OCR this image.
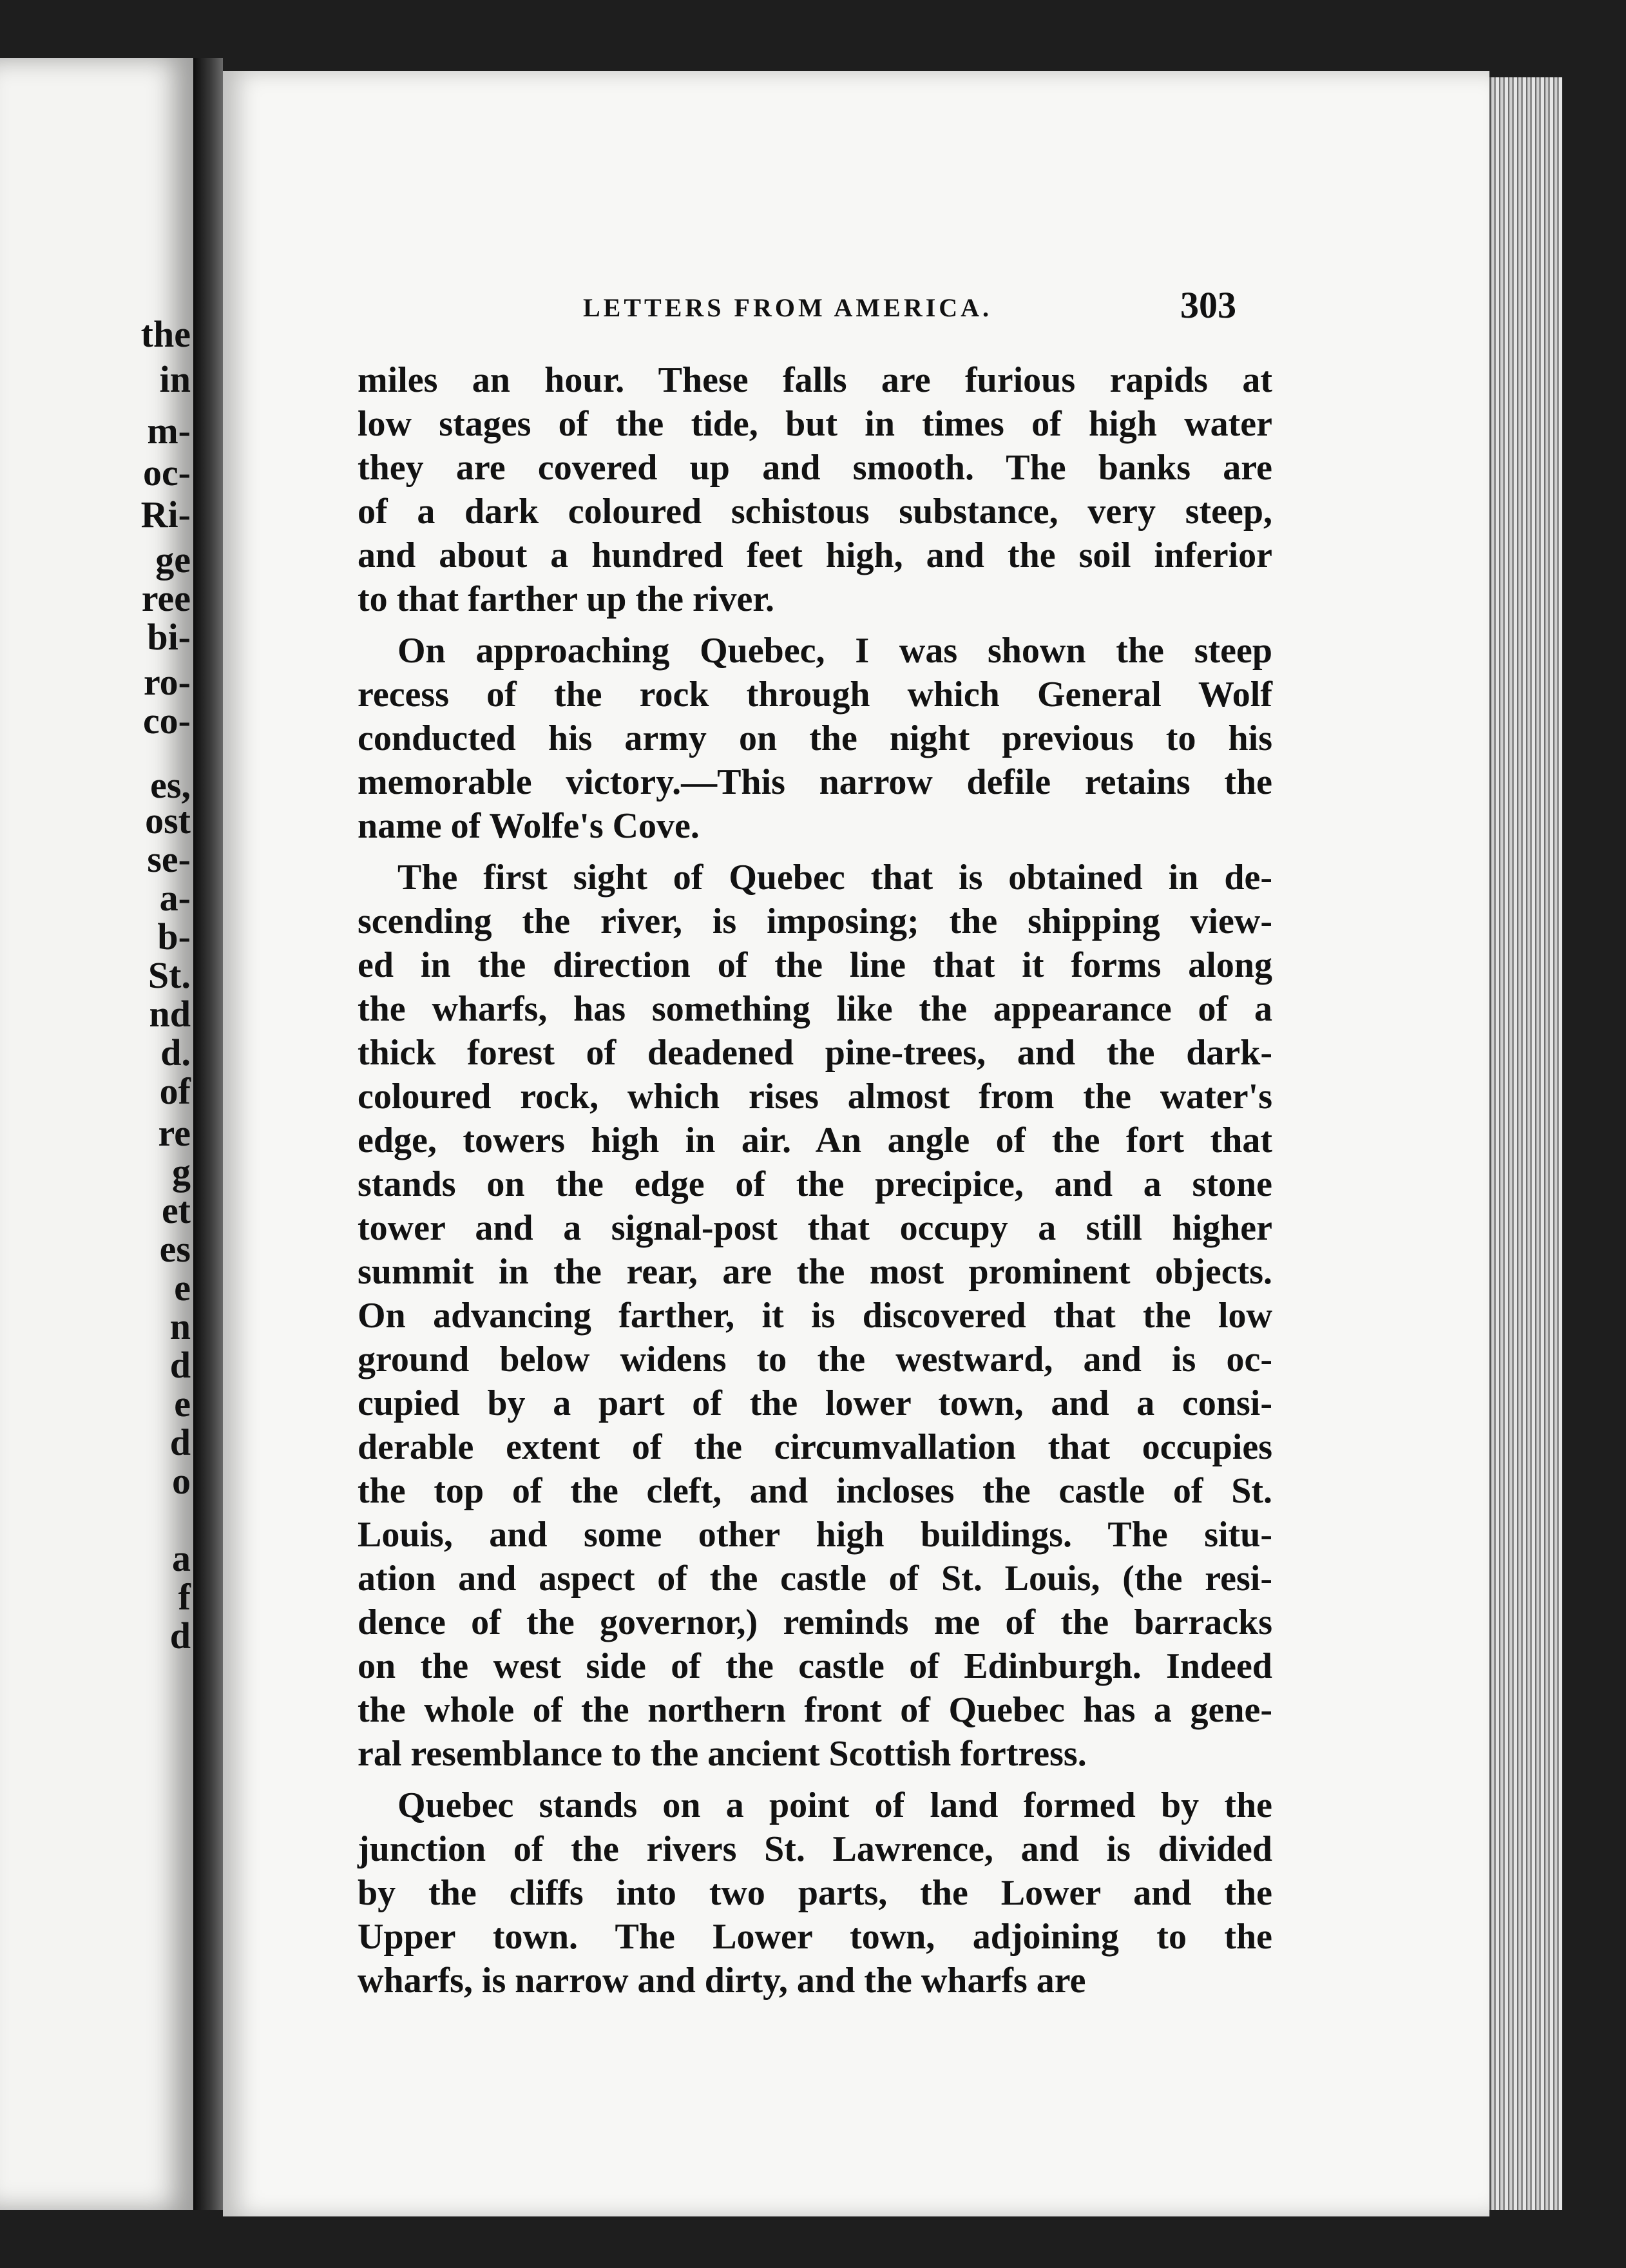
the
in
m-
oc-
Ri-
ge
ree
bi-
ro-
co-
es,
ost
se-
a-
b-
St.
nd
d.
of
re
g
et
es
e
n
d
e
d
o
a
f
d
LETTERS FROM AMERICA.	303
miles an hour. These falls are furious rapids at
low stages of the tide, but in times of high water
they are covered up and smooth. The banks are
of a dark coloured schistous substance, very steep,
and about a hundred feet high, and the soil inferior
to that farther up the river.
On approaching Quebec, I was shown the steep
recess of the rock through which General Wolf
conducted his army on the night previous to his
memorable victory.—This narrow defile retains the
name of Wolfe's Cove.
The first sight of Quebec that is obtained in de-
scending the river, is imposing; the shipping view-
ed in the direction of the line that it forms along
the wharfs, has something like the appearance of a
thick forest of deadened pine-trees, and the dark-
coloured rock, which rises almost from the water's
edge, towers high in air. An angle of the fort that
stands on the edge of the precipice, and a stone
tower and a signal-post that occupy a still higher
summit in the rear, are the most prominent objects.
On advancing farther, it is discovered that the low
ground below widens to the westward, and is oc-
cupied by a part of the lower town, and a consi-
derable extent of the circumvallation that occupies
the top of the cleft, and incloses the castle of St.
Louis, and some other high buildings. The situ-
ation and aspect of the castle of St. Louis, (the resi-
dence of the governor,) reminds me of the barracks
on the west side of the castle of Edinburgh. Indeed
the whole of the northern front of Quebec has a gene-
ral resemblance to the ancient Scottish fortress.
Quebec stands on a point of land formed by the
junction of the rivers St. Lawrence, and is divided
by the cliffs into two parts, the Lower and the
Upper town. The Lower town, adjoining to the
wharfs, is narrow and dirty, and the wharfs are
